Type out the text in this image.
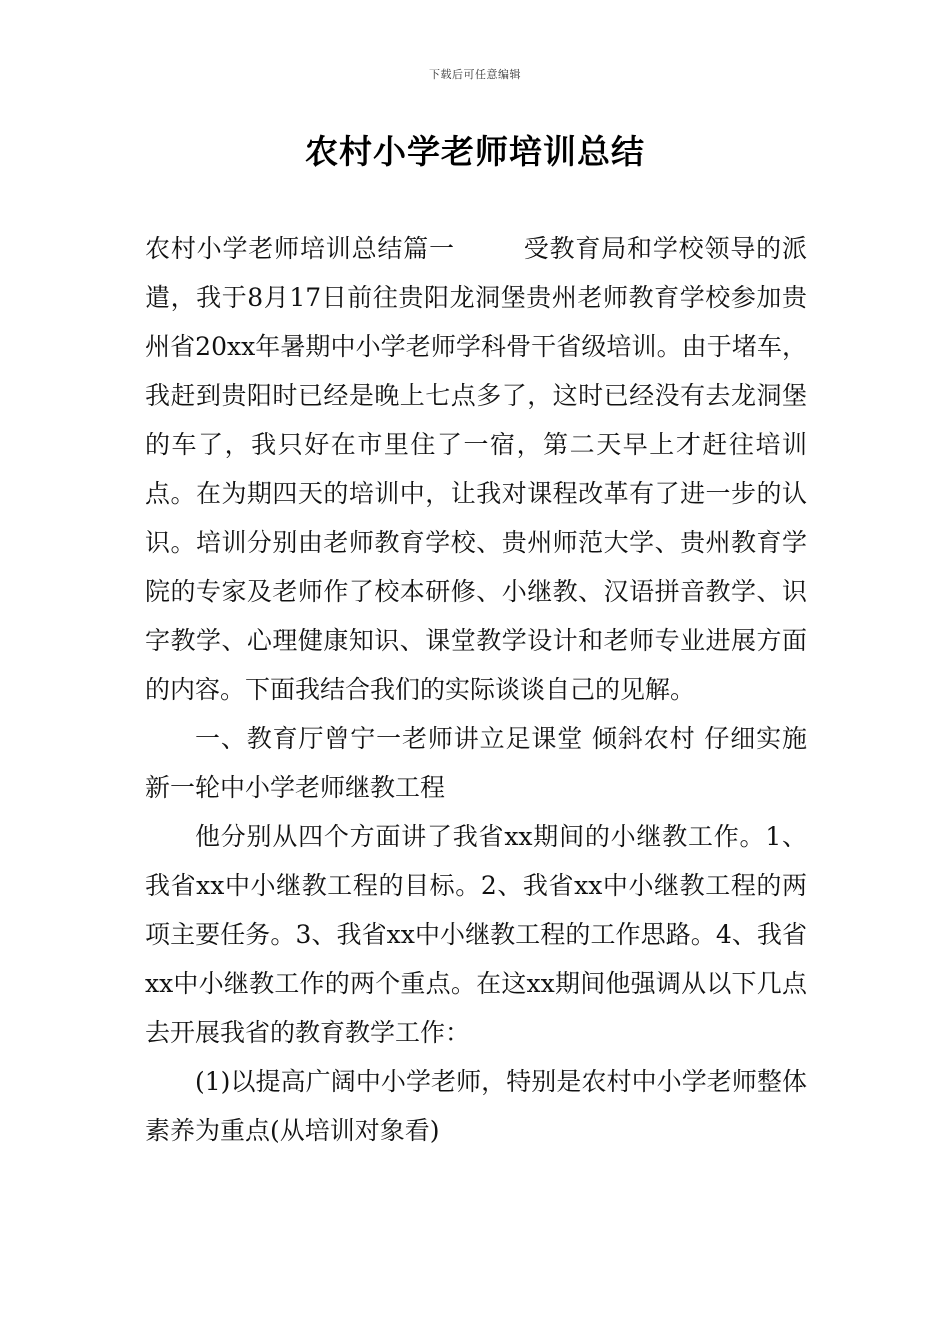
下载后可任意编辑
农村小学老师培训总结

农村小学老师培训总结篇一	受教育局和学校领导的派遣，我于8月17日前往贵阳龙洞堡贵州老师教育学校参加贵州省20xx年暑期中小学老师学科骨干省级培训。由于堵车，我赶到贵阳时已经是晚上七点多了，这时已经没有去龙洞堡的车了，我只好在市里住了一宿，第二天早上才赶往培训点。在为期四天的培训中，让我对课程改革有了进一步的认识。培训分别由老师教育学校、贵州师范大学、贵州教育学院的专家及老师作了校本研修、小继教、汉语拼音教学、识字教学、心理健康知识、课堂教学设计和老师专业进展方面的内容。下面我结合我们的实际谈谈自己的见解。

一、教育厅曾宁一老师讲立足课堂 倾斜农村 仔细实施新一轮中小学老师继教工程

他分别从四个方面讲了我省xx期间的小继教工作。1、我省xx中小继教工程的目标。2、我省xx中小继教工程的两项主要任务。3、我省xx中小继教工程的工作思路。4、我省xx中小继教工作的两个重点。在这xx期间他强调从以下几点去开展我省的教育教学工作：

(1)以提高广阔中小学老师，特别是农村中小学老师整体素养为重点(从培训对象看)
